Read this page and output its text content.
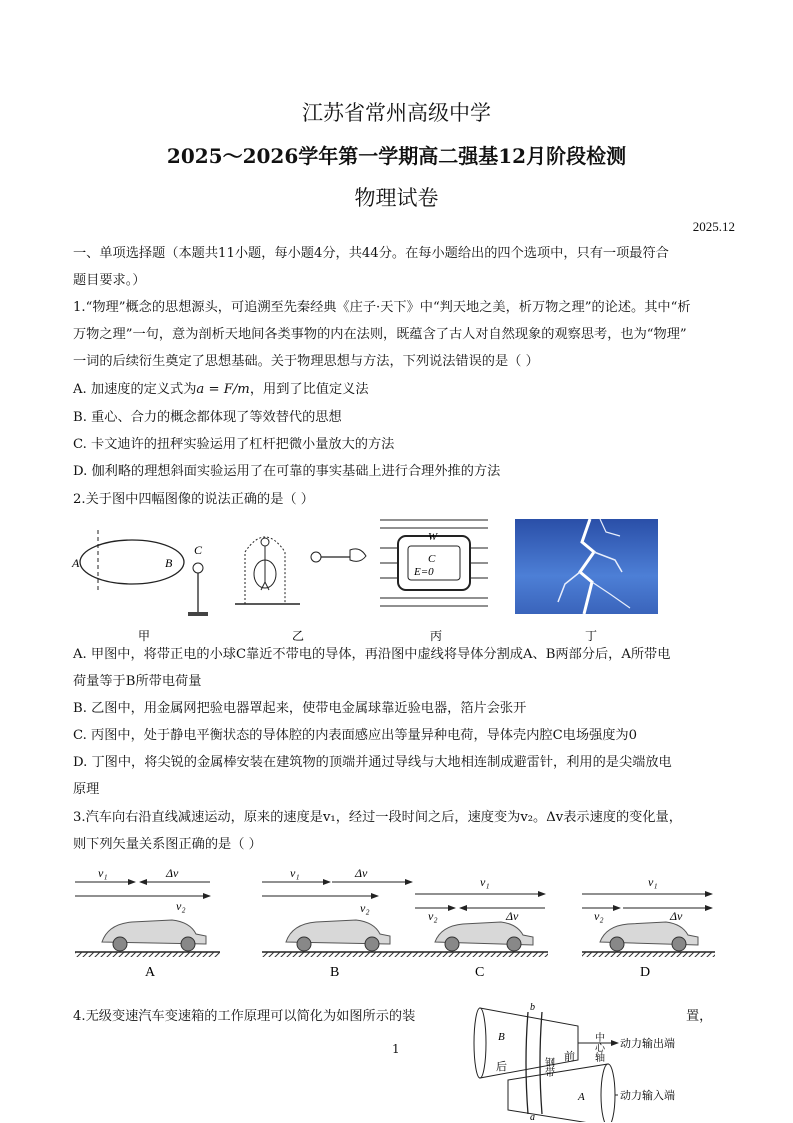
江苏省常州高级中学
2025～2026学年第一学期高二强基12月阶段检测
物理试卷
2025.12
一、单项选择题（本题共11小题，每小题4分，共44分。在每小题给出的四个选项中，只有一项最符合
题目要求。）
1.“物理”概念的思想源头，可追溯至先秦经典《庄子·天下》中“判天地之美，析万物之理”的论述。其中“析
万物之理”一句，意为剖析天地间各类事物的内在法则，既蕴含了古人对自然现象的观察思考，也为“物理”
一词的后续衍生奠定了思想基础。关于物理思想与方法，下列说法错误的是（ ）
A. 加速度的定义式为a = F/m，用到了比值定义法
B. 重心、合力的概念都体现了等效替代的思想
C. 卡文迪许的扭秤实验运用了杠杆把微小量放大的方法
D. 伽利略的理想斜面实验运用了在可靠的事实基础上进行合理外推的方法
2.关于图中四幅图像的说法正确的是（ ）
A	B
C
甲	乙
W
C
E=0
丙	丁
A. 甲图中，将带正电的小球C靠近不带电的导体，再沿图中虚线将导体分割成A、B两部分后，A所带电
荷量等于B所带电荷量
B. 乙图中，用金属网把验电器罩起来，使带电金属球靠近验电器，箔片会张开
C. 丙图中，处于静电平衡状态的导体腔的内表面感应出等量异种电荷，导体壳内腔C电场强度为0
D. 丁图中，将尖锐的金属棒安装在建筑物的顶端并通过导线与大地相连制成避雷针，利用的是尖端放电
原理
3.汽车向右沿直线减速运动，原来的速度是v₁，经过一段时间之后，速度变为v₂。Δv表示速度的变化量，
则下列矢量关系图正确的是（ ）
v₁	Δv
v₂
A
v₁	Δv
v₂
B
v₁
v₂	Δv
C
v₁
v₂	Δv
D
4.无级变速汽车变速箱的工作原理可以简化为如图所示的装	置，
动力输出端
动力输入端
b
a
B
A
后
前
钢带
中心轴
1
